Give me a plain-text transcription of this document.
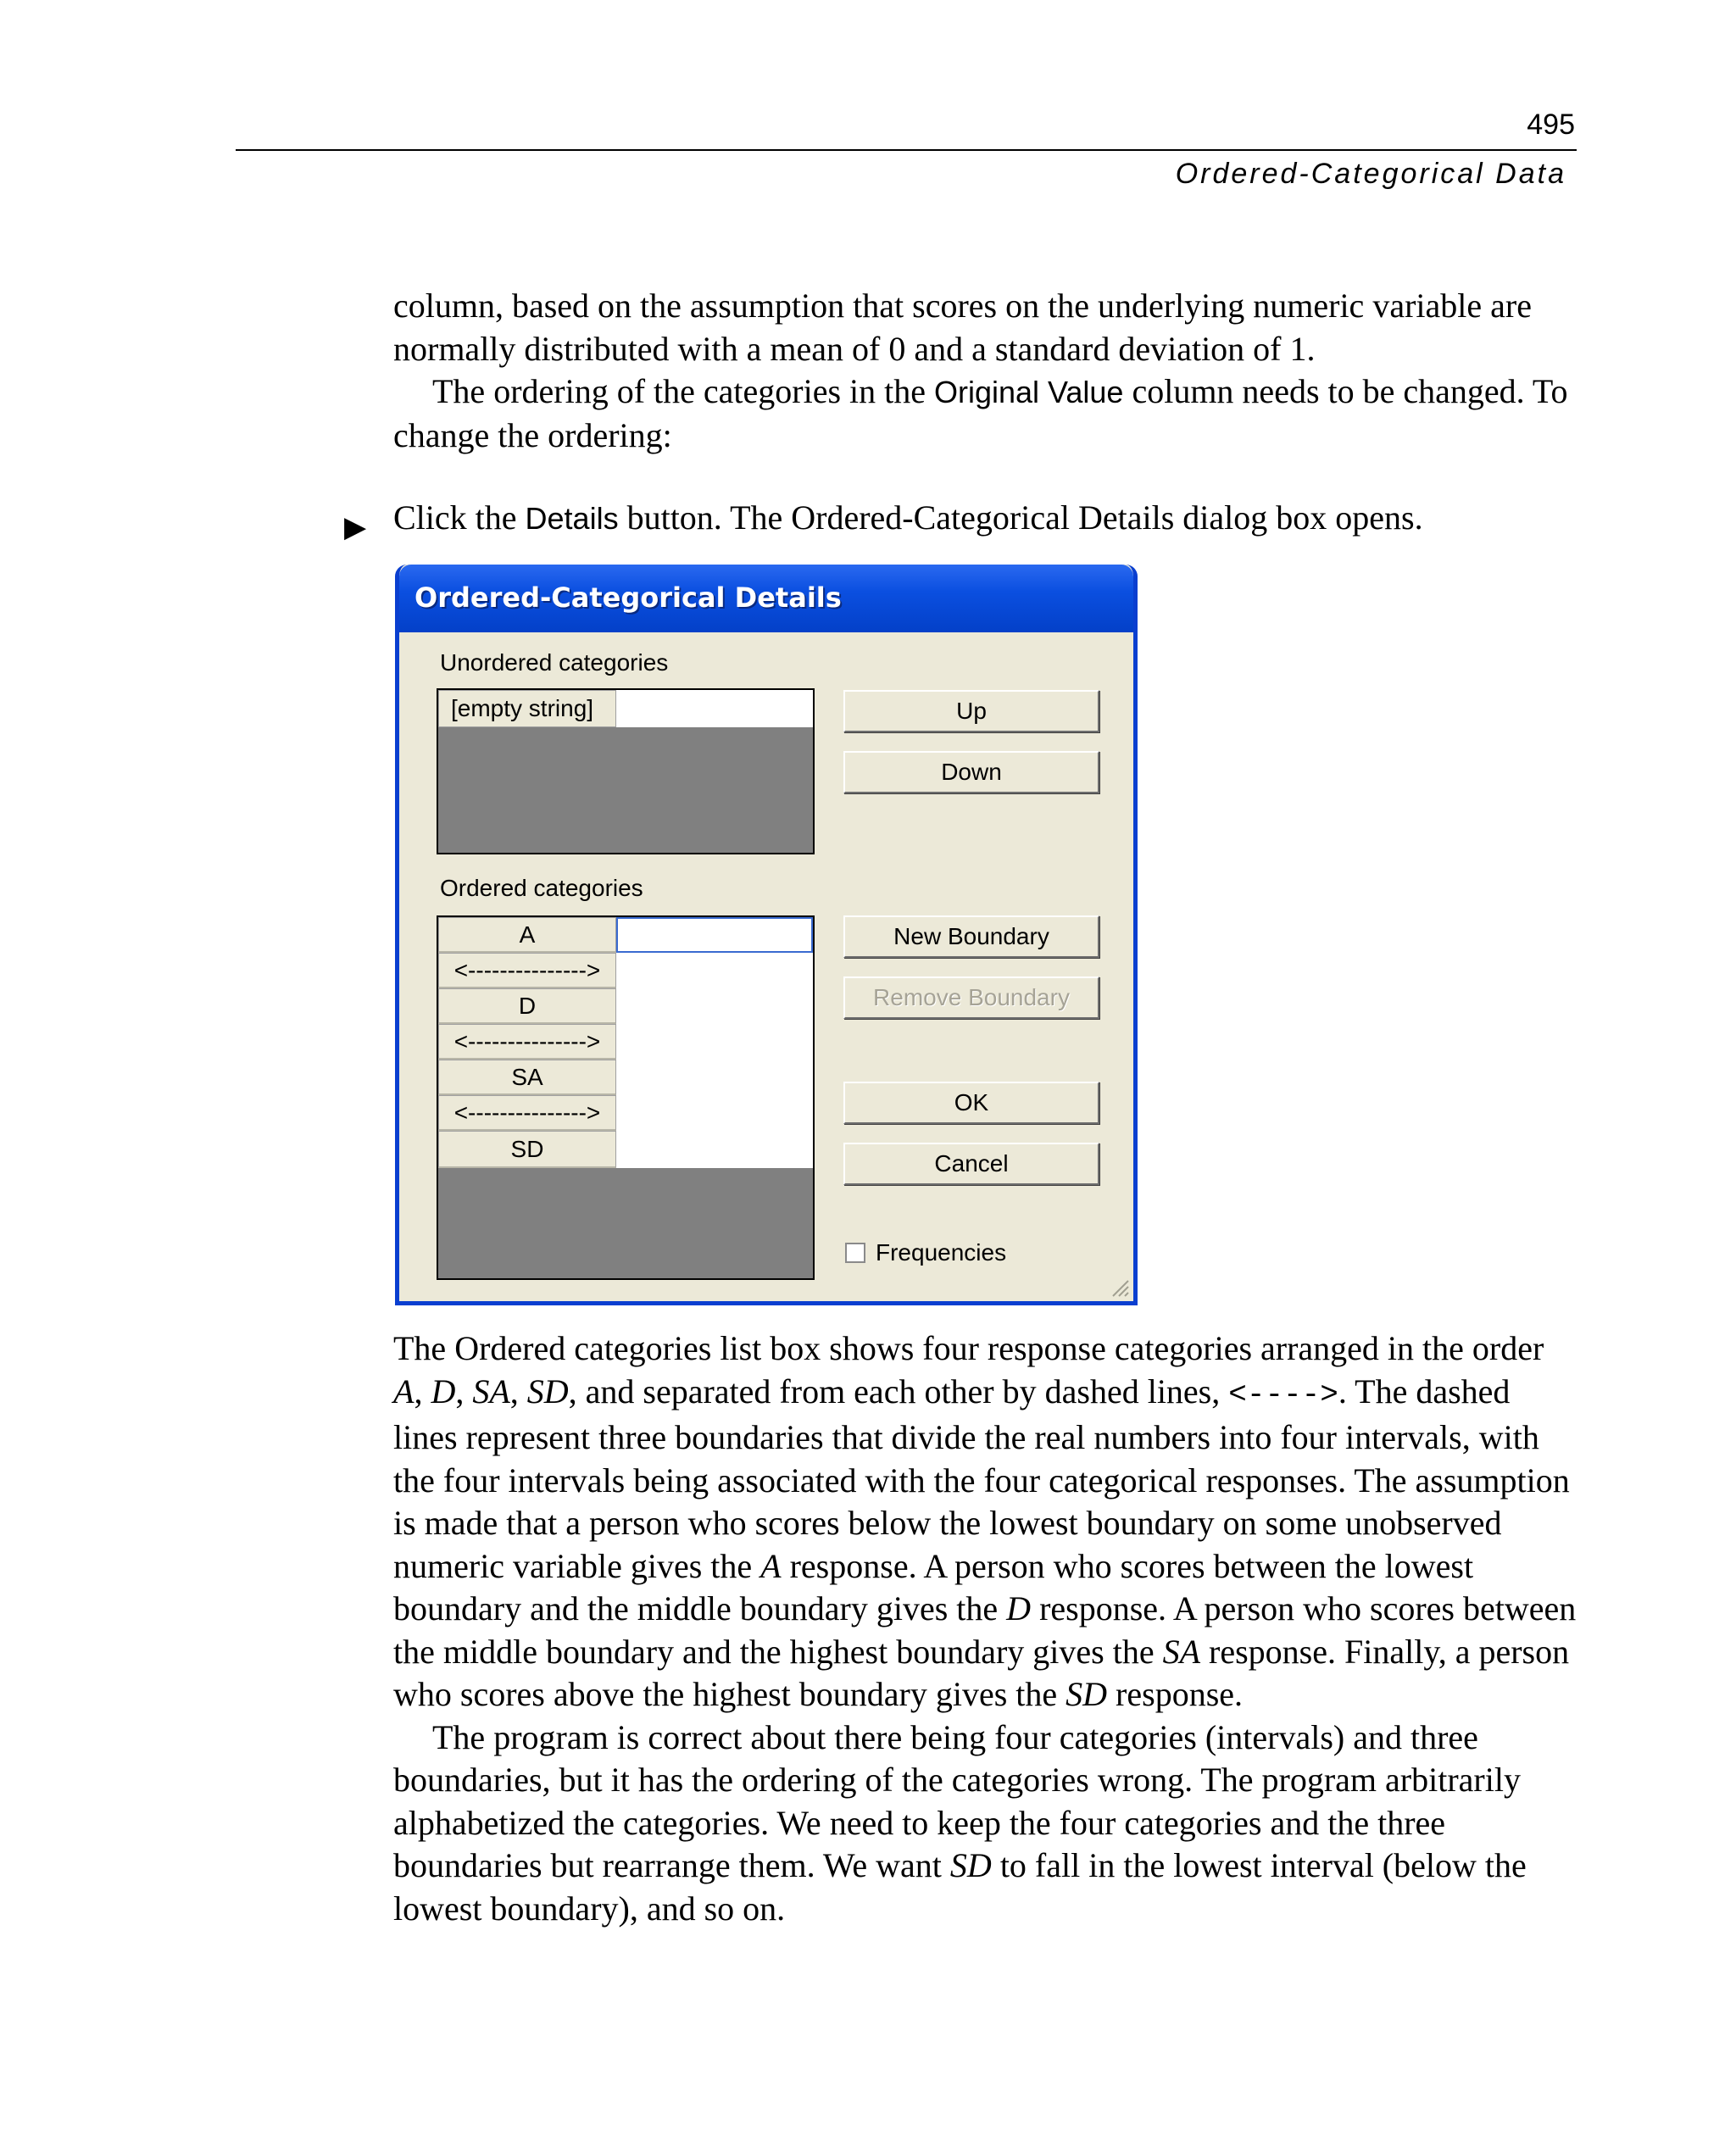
495
Ordered-Categorical Data

column, based on the assumption that scores on the underlying numeric variable are normally distributed with a mean of 0 and a standard deviation of 1.

The ordering of the categories in the Original Value column needs to be changed. To change the ordering:

▶ Click the Details button. The Ordered-Categorical Details dialog box opens.

Ordered-Categorical Details
Unordered categories
[empty string]	Up
Down
Ordered categories
A
<--------------->
D
<--------------->
SA
<--------------->
SD
New Boundary
Remove Boundary
OK
Cancel
Frequencies

The Ordered categories list box shows four response categories arranged in the order A, D, SA, SD, and separated from each other by dashed lines, <---->. The dashed lines represent three boundaries that divide the real numbers into four intervals, with the four intervals being associated with the four categorical responses. The assumption is made that a person who scores below the lowest boundary on some unobserved numeric variable gives the A response. A person who scores between the lowest boundary and the middle boundary gives the D response. A person who scores between the middle boundary and the highest boundary gives the SA response. Finally, a person who scores above the highest boundary gives the SD response.

The program is correct about there being four categories (intervals) and three boundaries, but it has the ordering of the categories wrong. The program arbitrarily alphabetized the categories. We need to keep the four categories and the three boundaries but rearrange them. We want SD to fall in the lowest interval (below the lowest boundary), and so on.
